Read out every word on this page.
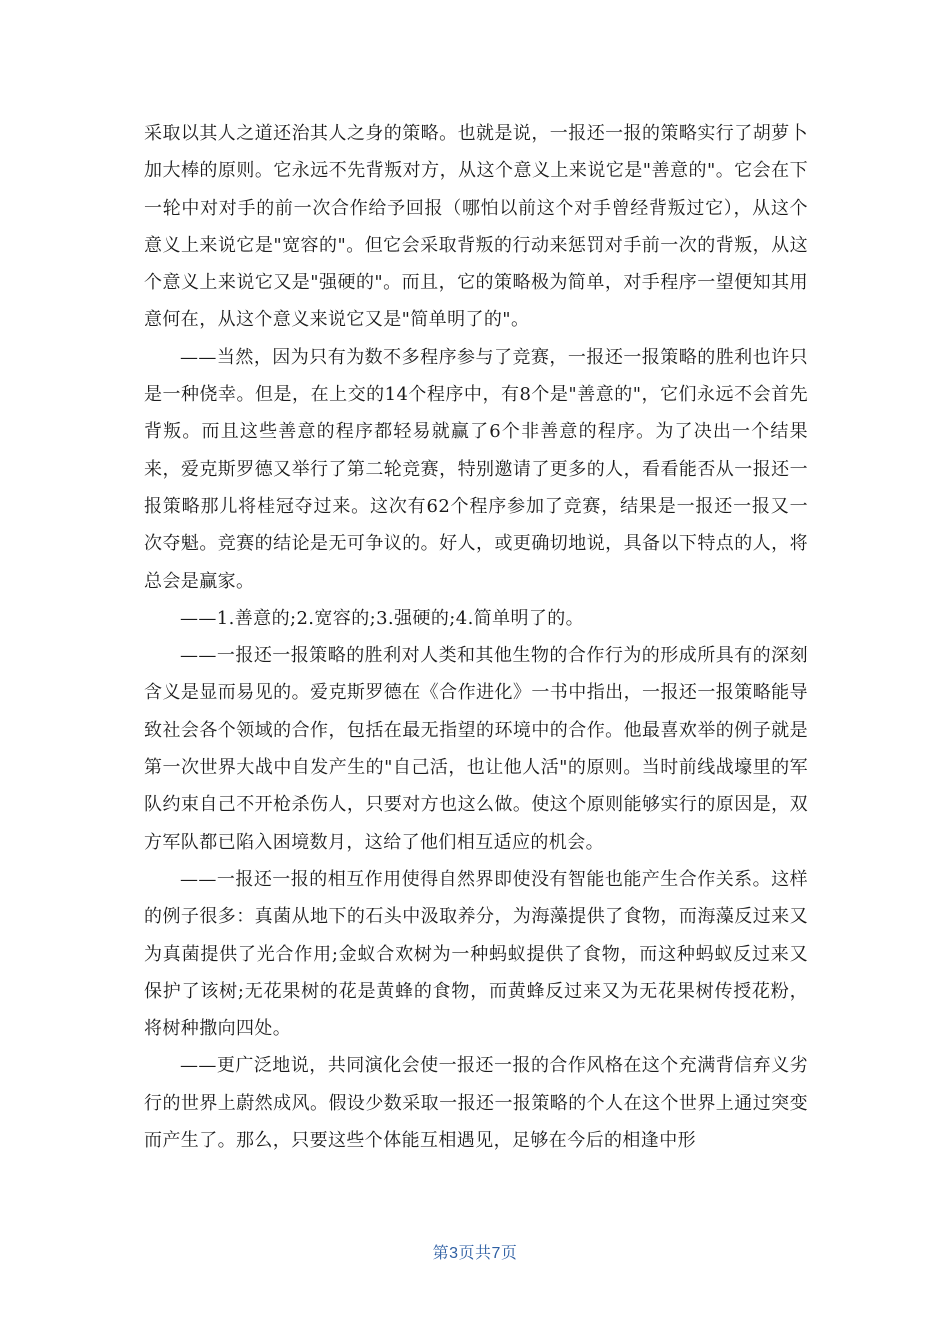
采取以其人之道还治其人之身的策略。也就是说，一报还一报的策略实行了胡萝卜加大棒的原则。它永远不先背叛对方，从这个意义上来说它是"善意的"。它会在下一轮中对对手的前一次合作给予回报（哪怕以前这个对手曾经背叛过它），从这个意义上来说它是"宽容的"。但它会采取背叛的行动来惩罚对手前一次的背叛，从这个意义上来说它又是"强硬的"。而且，它的策略极为简单，对手程序一望便知其用意何在，从这个意义来说它又是"简单明了的"。

——当然，因为只有为数不多程序参与了竞赛，一报还一报策略的胜利也许只是一种侥幸。但是，在上交的14个程序中，有8个是"善意的"，它们永远不会首先背叛。而且这些善意的程序都轻易就赢了6个非善意的程序。为了决出一个结果来，爱克斯罗德又举行了第二轮竞赛，特别邀请了更多的人，看看能否从一报还一报策略那儿将桂冠夺过来。这次有62个程序参加了竞赛，结果是一报还一报又一次夺魁。竞赛的结论是无可争议的。好人，或更确切地说，具备以下特点的人，将总会是赢家。

——1.善意的;2.宽容的;3.强硬的;4.简单明了的。

——一报还一报策略的胜利对人类和其他生物的合作行为的形成所具有的深刻含义是显而易见的。爱克斯罗德在《合作进化》一书中指出，一报还一报策略能导致社会各个领域的合作，包括在最无指望的环境中的合作。他最喜欢举的例子就是第一次世界大战中自发产生的"自己活，也让他人活"的原则。当时前线战壕里的军队约束自己不开枪杀伤人，只要对方也这么做。使这个原则能够实行的原因是，双方军队都已陷入困境数月，这给了他们相互适应的机会。

——一报还一报的相互作用使得自然界即使没有智能也能产生合作关系。这样的例子很多：真菌从地下的石头中汲取养分，为海藻提供了食物，而海藻反过来又为真菌提供了光合作用;金蚁合欢树为一种蚂蚁提供了食物，而这种蚂蚁反过来又保护了该树;无花果树的花是黄蜂的食物，而黄蜂反过来又为无花果树传授花粉，将树种撒向四处。

——更广泛地说，共同演化会使一报还一报的合作风格在这个充满背信弃义劣行的世界上蔚然成风。假设少数采取一报还一报策略的个人在这个世界上通过突变而产生了。那么，只要这些个体能互相遇见，足够在今后的相逢中形

第3页共7页
